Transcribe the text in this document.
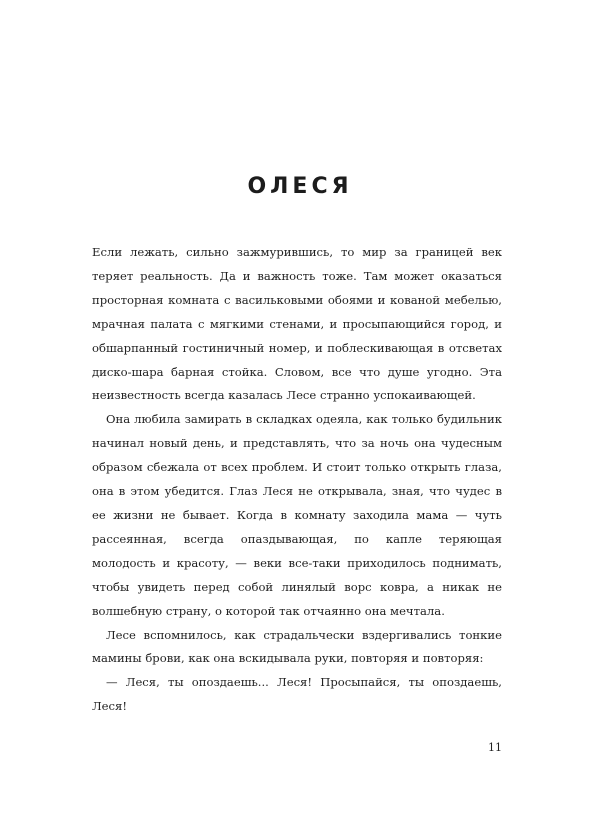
ОЛЕСЯ

Если лежать, сильно зажмурившись, то мир за границей век теряет реальность. Да и важность тоже. Там может оказаться просторная комната с васильковыми обоями и кованой мебелью, мрачная палата с мягкими стенами, и просыпающийся город, и обшарпанный гостиничный номер, и поблескивающая в отсветах диско-шара барная стойка. Словом, все что душе угодно. Эта неизвестность всегда казалась Лесе странно успокаивающей.

Она любила замирать в складках одеяла, как только будильник начинал новый день, и представлять, что за ночь она чудесным образом сбежала от всех проблем. И стоит только открыть глаза, она в этом убедится. Глаз Леся не открывала, зная, что чудес в ее жизни не бывает. Когда в комнату заходила мама — чуть рассеянная, всегда опаздывающая, по капле теряющая молодость и красоту, — веки все-таки приходилось поднимать, чтобы увидеть перед собой линялый ворс ковра, а никак не волшебную страну, о которой так отчаянно она мечтала.

Лесе вспомнилось, как страдальчески вздергивались тонкие мамины брови, как она вскидывала руки, повторяя и повторяя:

— Леся, ты опоздаешь... Леся! Просыпайся, ты опоздаешь, Леся!

11
